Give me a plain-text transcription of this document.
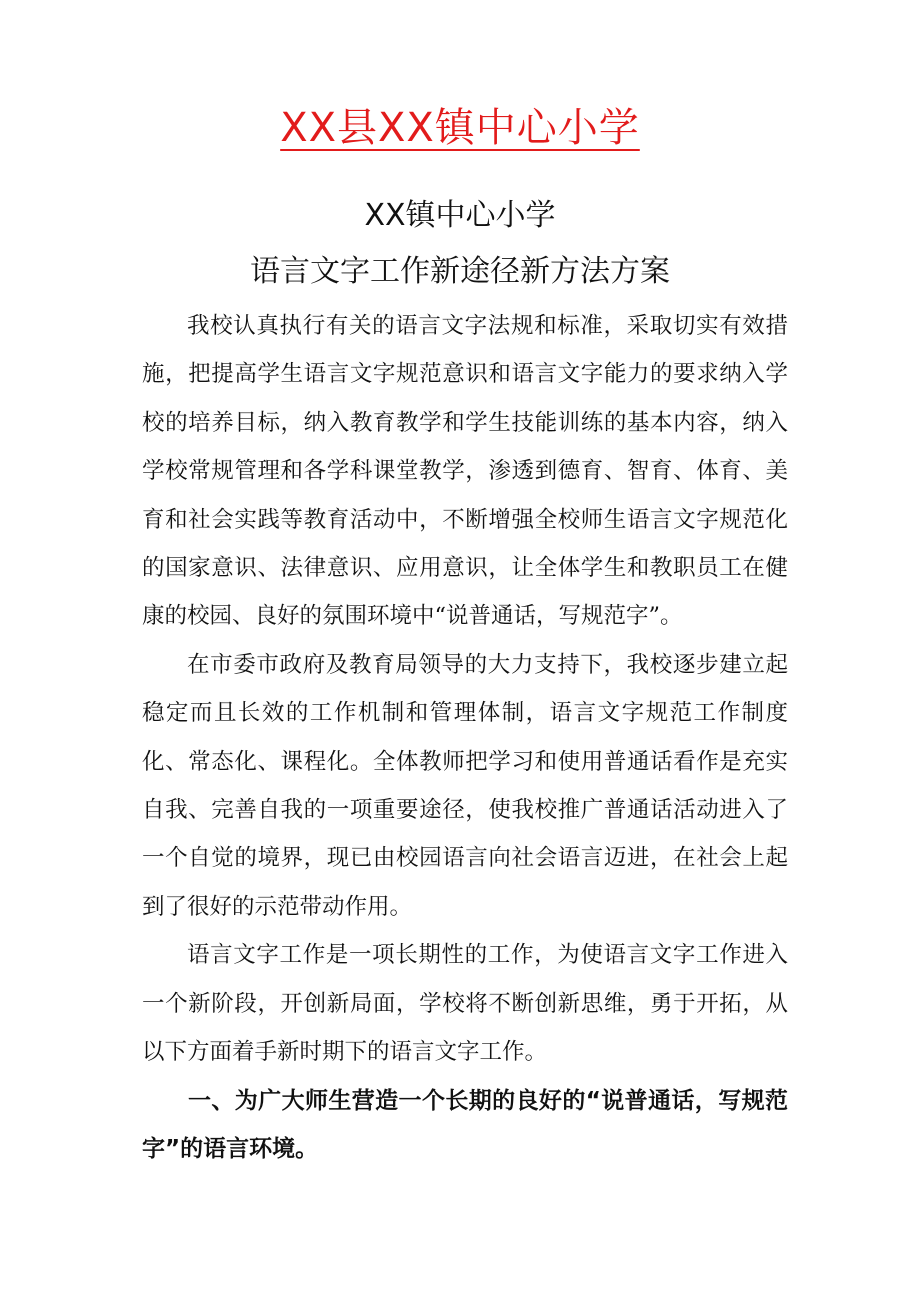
XX县XX镇中心小学
XX镇中心小学
语言文字工作新途径新方法方案

我校认真执行有关的语言文字法规和标准，采取切实有效措施，把提高学生语言文字规范意识和语言文字能力的要求纳入学校的培养目标，纳入教育教学和学生技能训练的基本内容，纳入学校常规管理和各学科课堂教学，渗透到德育、智育、体育、美育和社会实践等教育活动中，不断增强全校师生语言文字规范化的国家意识、法律意识、应用意识，让全体学生和教职员工在健康的校园、良好的氛围环境中“说普通话，写规范字”。

在市委市政府及教育局领导的大力支持下，我校逐步建立起稳定而且长效的工作机制和管理体制，语言文字规范工作制度化、常态化、课程化。全体教师把学习和使用普通话看作是充实自我、完善自我的一项重要途径，使我校推广普通话活动进入了一个自觉的境界，现已由校园语言向社会语言迈进，在社会上起到了很好的示范带动作用。

语言文字工作是一项长期性的工作，为使语言文字工作进入一个新阶段，开创新局面，学校将不断创新思维，勇于开拓，从以下方面着手新时期下的语言文字工作。

一、为广大师生营造一个长期的良好的“说普通话，写规范字”的语言环境。
